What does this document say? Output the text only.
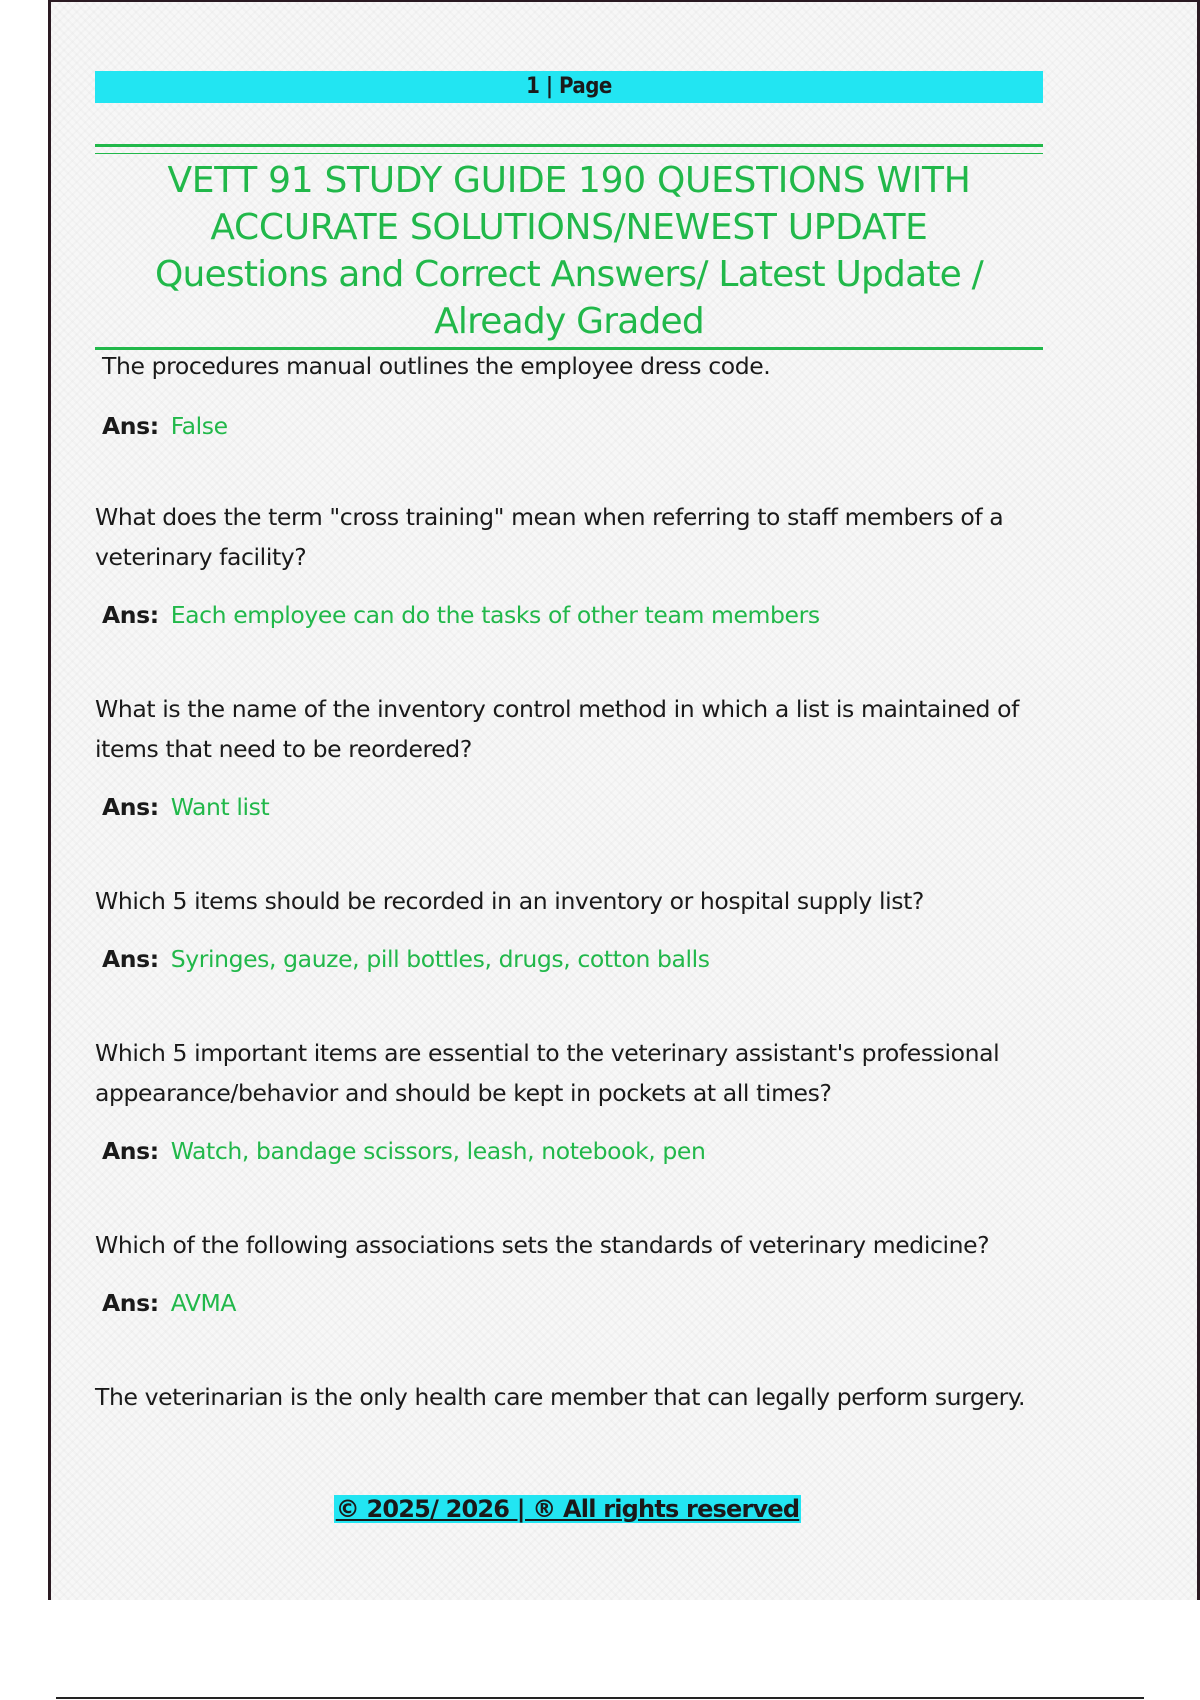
1 | Page
VETT 91 STUDY GUIDE 190 QUESTIONS WITH
ACCURATE SOLUTIONS/NEWEST UPDATE
Questions and Correct Answers/ Latest Update /
Already Graded

The procedures manual outlines the employee dress code.

Ans: False

What does the term "cross training" mean when referring to staff members of a

veterinary facility?

Ans: Each employee can do the tasks of other team members

What is the name of the inventory control method in which a list is maintained of

items that need to be reordered?

Ans: Want list

Which 5 items should be recorded in an inventory or hospital supply list?

Ans: Syringes, gauze, pill bottles, drugs, cotton balls

Which 5 important items are essential to the veterinary assistant's professional

appearance/behavior and should be kept in pockets at all times?

Ans: Watch, bandage scissors, leash, notebook, pen

Which of the following associations sets the standards of veterinary medicine?

Ans: AVMA

The veterinarian is the only health care member that can legally perform surgery.

© 2025/ 2026 | ® All rights reserved
